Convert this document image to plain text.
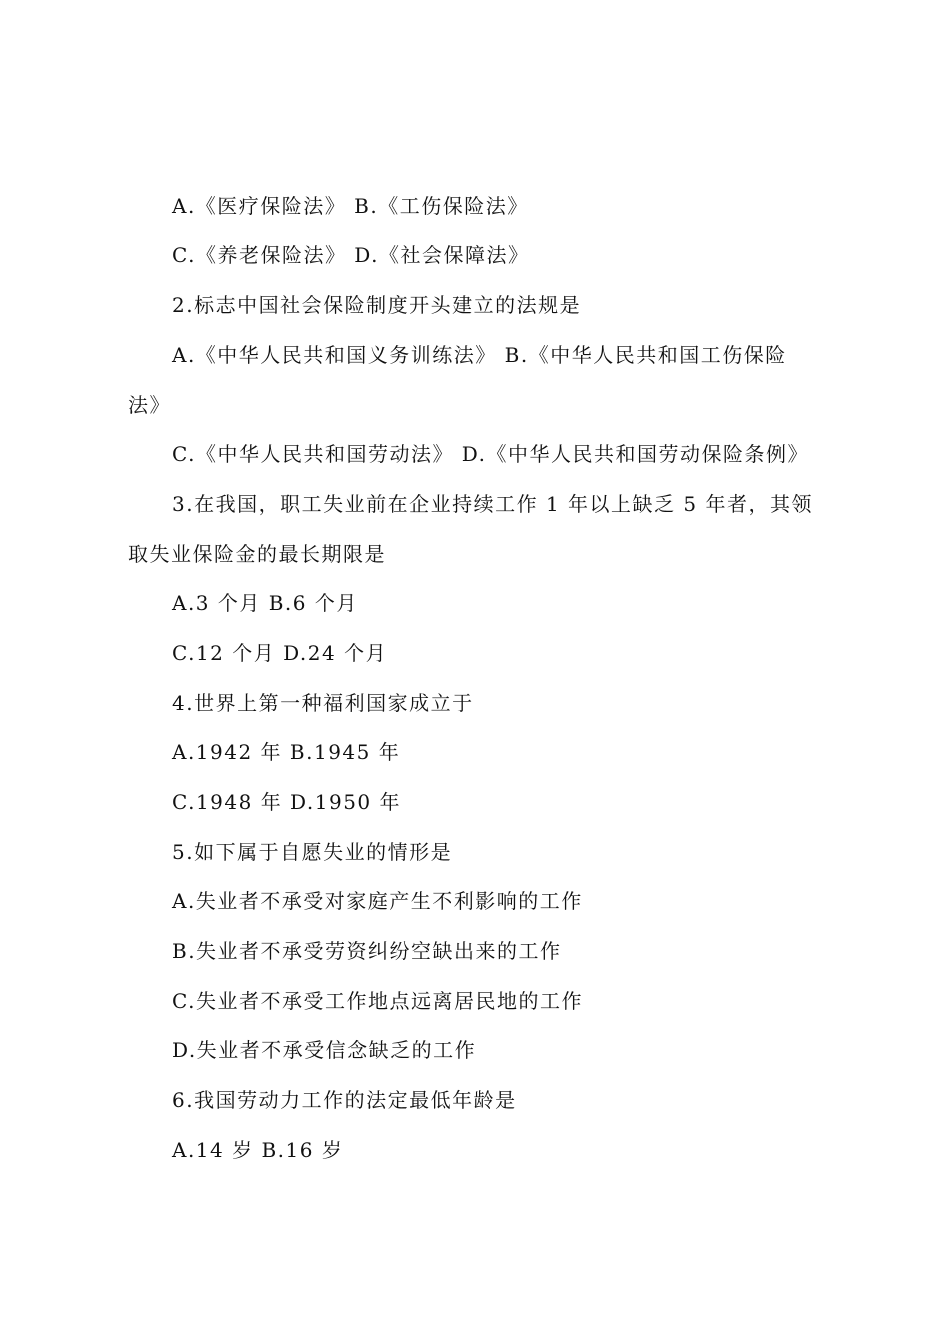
A.《医疗保险法》 B.《工伤保险法》
C.《养老保险法》 D.《社会保障法》
2.标志中国社会保险制度开头建立的法规是
A.《中华人民共和国义务训练法》 B.《中华人民共和国工伤保险
法》
C.《中华人民共和国劳动法》 D.《中华人民共和国劳动保险条例》
3.在我国，职工失业前在企业持续工作 1 年以上缺乏 5 年者，其领
取失业保险金的最长期限是
A.3 个月 B.6 个月
C.12 个月 D.24 个月
4.世界上第一种福利国家成立于
A.1942 年 B.1945 年
C.1948 年 D.1950 年
5.如下属于自愿失业的情形是
A.失业者不承受对家庭产生不利影响的工作
B.失业者不承受劳资纠纷空缺出来的工作
C.失业者不承受工作地点远离居民地的工作
D.失业者不承受信念缺乏的工作
6.我国劳动力工作的法定最低年龄是
A.14 岁 B.16 岁
